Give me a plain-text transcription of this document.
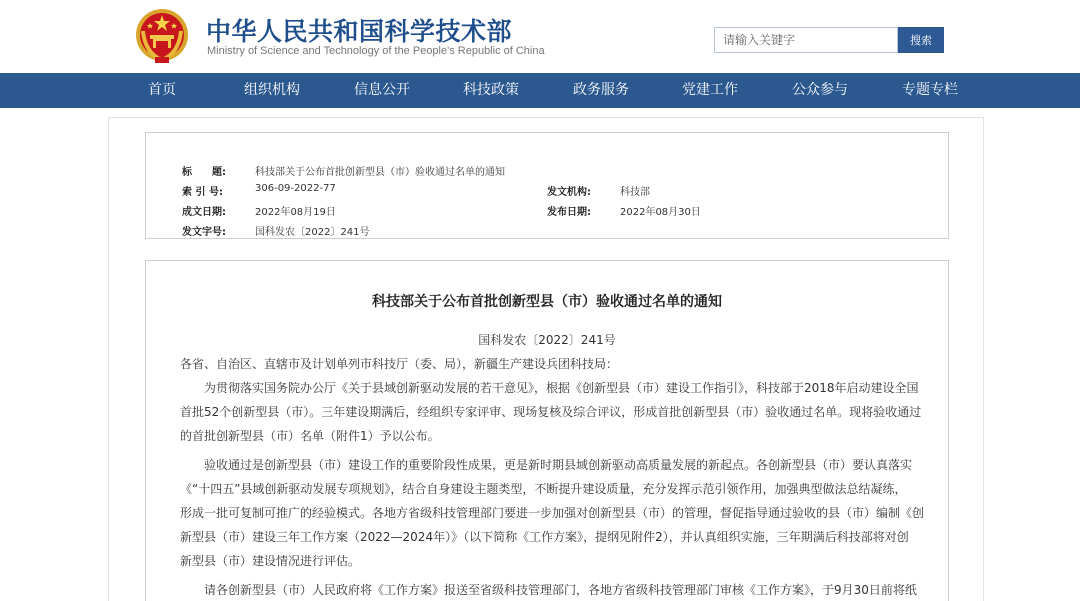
中华人民共和国科学技术部
Ministry of Science and Technology of the People's Republic of China
请输入关键字
搜索
首页	组织机构	信息公开	科技政策	政务服务	党建工作	公众参与	专题专栏
标　　题:	科技部关于公布首批创新型县（市）验收通过名单的通知
索 引 号:	306-09-2022-77	发文机构:	科技部
成文日期:	2022年08月19日	发布日期:	2022年08月30日
发文字号:	国科发农〔2022〕241号
科技部关于公布首批创新型县（市）验收通过名单的通知
国科发农〔2022〕241号
各省、自治区、直辖市及计划单列市科技厅（委、局），新疆生产建设兵团科技局：
为贯彻落实国务院办公厅《关于县域创新驱动发展的若干意见》，根据《创新型县（市）建设工作指引》，科技部于2018年启动建设全国
首批52个创新型县（市）。三年建设期满后，经组织专家评审、现场复核及综合评议，形成首批创新型县（市）验收通过名单。现将验收通过
的首批创新型县（市）名单（附件1）予以公布。
验收通过是创新型县（市）建设工作的重要阶段性成果，更是新时期县域创新驱动高质量发展的新起点。各创新型县（市）要认真落实
《“十四五”县域创新驱动发展专项规划》，结合自身建设主题类型，不断提升建设质量，充分发挥示范引领作用，加强典型做法总结凝练，
形成一批可复制可推广的经验模式。各地方省级科技管理部门要进一步加强对创新型县（市）的管理，督促指导通过验收的县（市）编制《创
新型县（市）建设三年工作方案（2022—2024年）》（以下简称《工作方案》，提纲见附件2），并认真组织实施，三年期满后科技部将对创
新型县（市）建设情况进行评估。
请各创新型县（市）人民政府将《工作方案》报送至省级科技管理部门，各地方省级科技管理部门审核《工作方案》，于9月30日前将纸
